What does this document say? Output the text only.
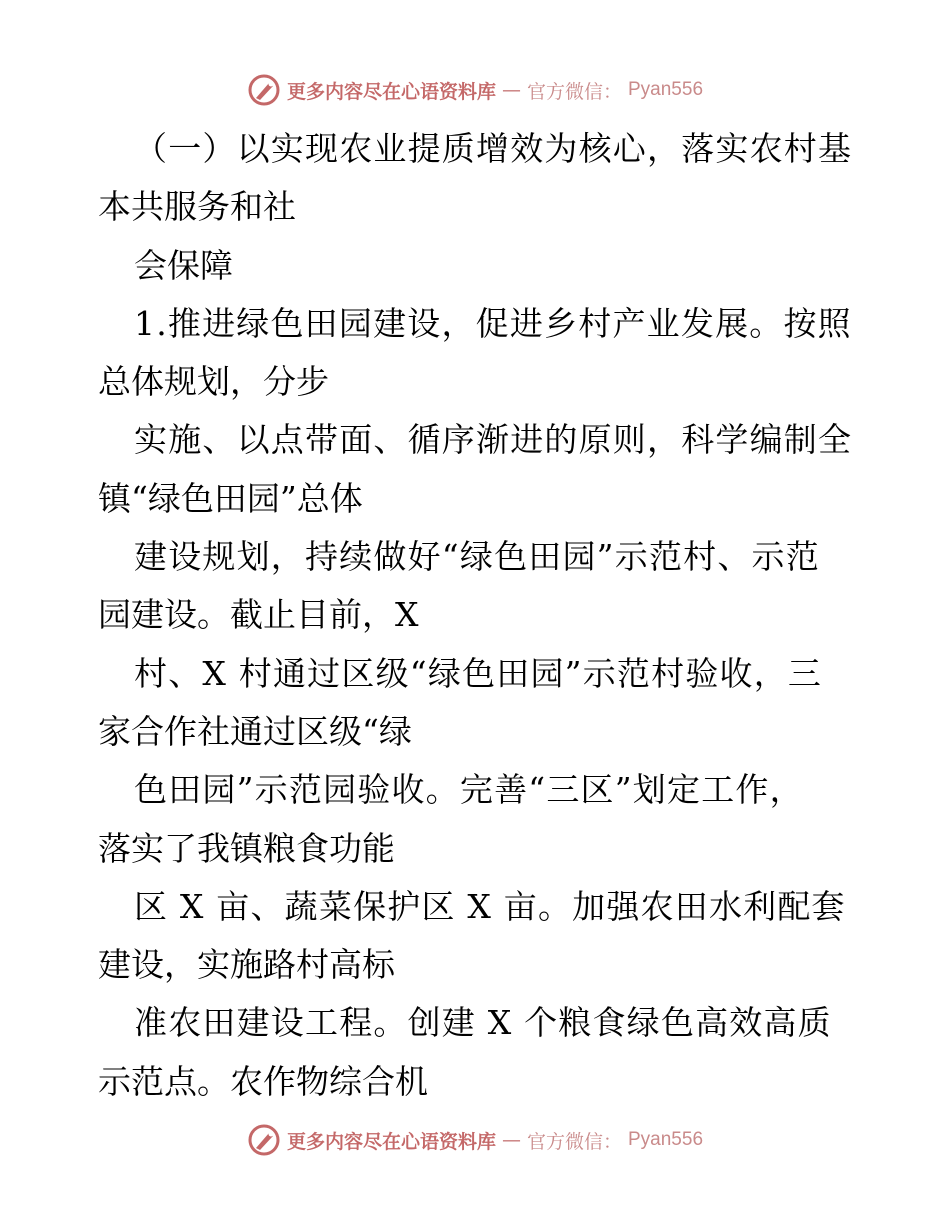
更多内容尽在心语资料库 — 官方微信： Pyan556
（一）以实现农业提质增效为核心，落实农村基
本共服务和社
会保障
1.推进绿色田园建设，促进乡村产业发展。按照
总体规划，分步
实施、以点带面、循序渐进的原则，科学编制全
镇“绿色田园”总体
建设规划，持续做好“绿色田园”示范村、示范
园建设。截止目前，X
村、X 村通过区级“绿色田园”示范村验收，三
家合作社通过区级“绿
色田园”示范园验收。完善“三区”划定工作，
落实了我镇粮食功能
区 X 亩、蔬菜保护区 X 亩。加强农田水利配套
建设，实施路村高标
准农田建设工程。创建 X 个粮食绿色高效高质
示范点。农作物综合机
更多内容尽在心语资料库 — 官方微信： Pyan556
